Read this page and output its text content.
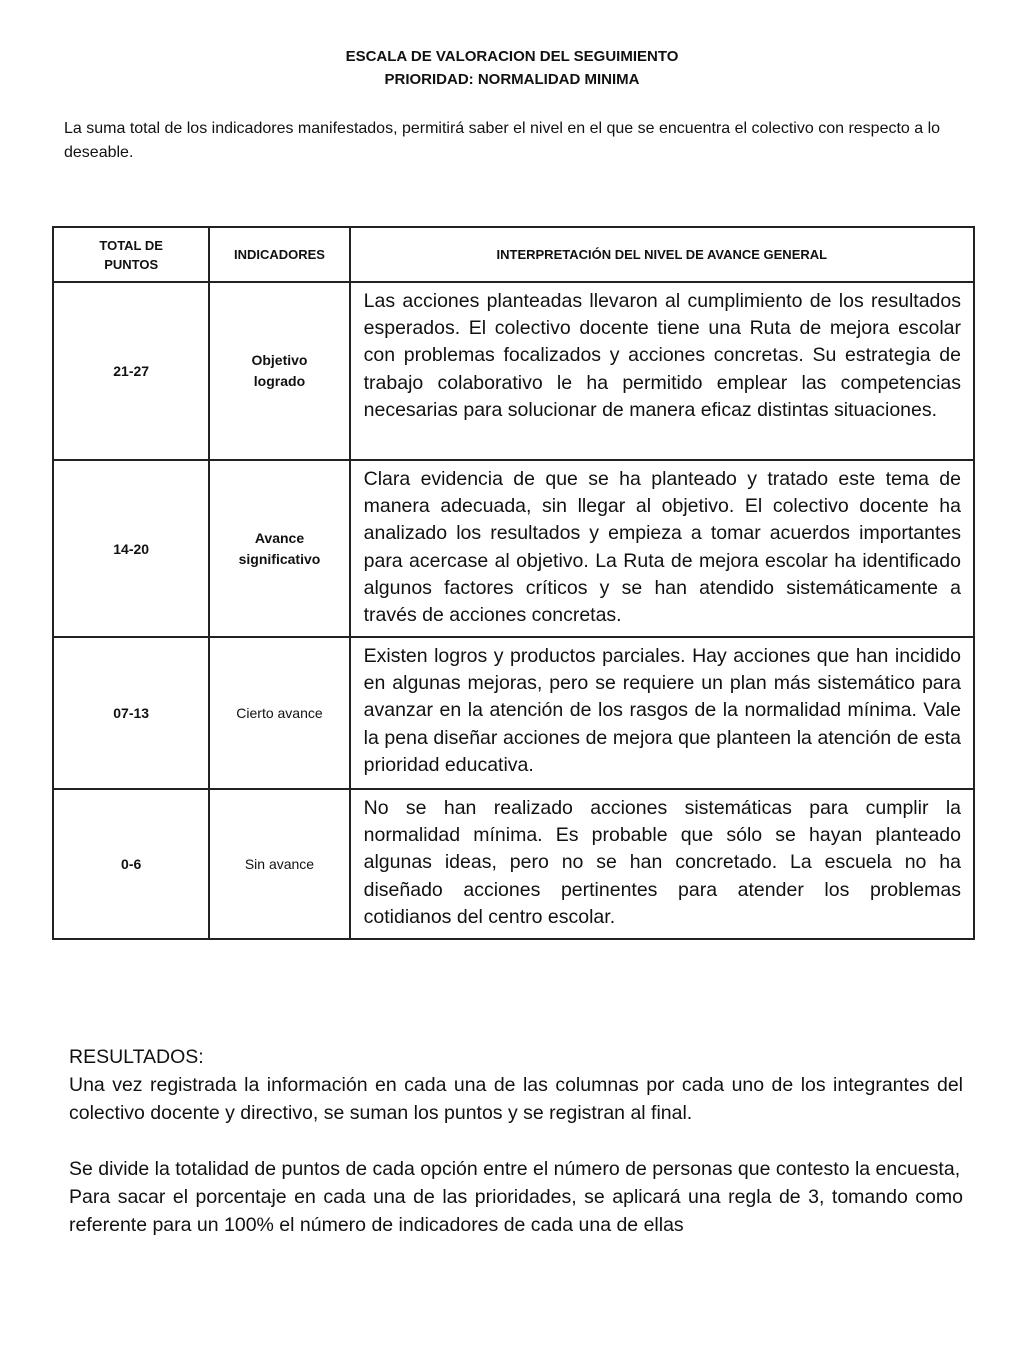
ESCALA DE VALORACION DEL SEGUIMIENTO
PRIORIDAD: NORMALIDAD MINIMA
La suma total de los indicadores manifestados, permitirá saber el nivel en el que se encuentra el colectivo con respecto a lo deseable.
TOTAL DE PUNTOS	INDICADORES	INTERPRETACIÓN DEL NIVEL DE AVANCE GENERAL
21-27	Objetivo logrado	Las acciones planteadas llevaron al cumplimiento de los resultados esperados. El colectivo docente tiene una Ruta de mejora escolar con problemas focalizados y acciones concretas. Su estrategia de trabajo colaborativo le ha permitido emplear las competencias necesarias para solucionar de manera eficaz distintas situaciones.
14-20	Avance significativo	Clara evidencia de que se ha planteado y tratado este tema de manera adecuada, sin llegar al objetivo. El colectivo docente ha analizado los resultados y empieza a tomar acuerdos importantes para acercase al objetivo. La Ruta de mejora escolar ha identificado algunos factores críticos y se han atendido sistemáticamente a través de acciones concretas.
07-13	Cierto avance	Existen logros y productos parciales. Hay acciones que han incidido en algunas mejoras, pero se requiere un plan más sistemático para avanzar en la atención de los rasgos de la normalidad mínima. Vale la pena diseñar acciones de mejora que planteen la atención de esta prioridad educativa.
0-6	Sin avance	No se han realizado acciones sistemáticas para cumplir la normalidad mínima. Es probable que sólo se hayan planteado algunas ideas, pero no se han concretado. La escuela no ha diseñado acciones pertinentes para atender los problemas cotidianos del centro escolar.

RESULTADOS:

Una vez registrada la información en cada una de las columnas por cada uno de los integrantes del colectivo docente y directivo, se suman los puntos y se registran al final.

Se divide la totalidad de puntos de cada opción entre el número de personas que contesto la encuesta,

Para sacar el porcentaje en cada una de las prioridades, se aplicará una regla de 3, tomando como referente para un 100% el número de indicadores de cada una de ellas
